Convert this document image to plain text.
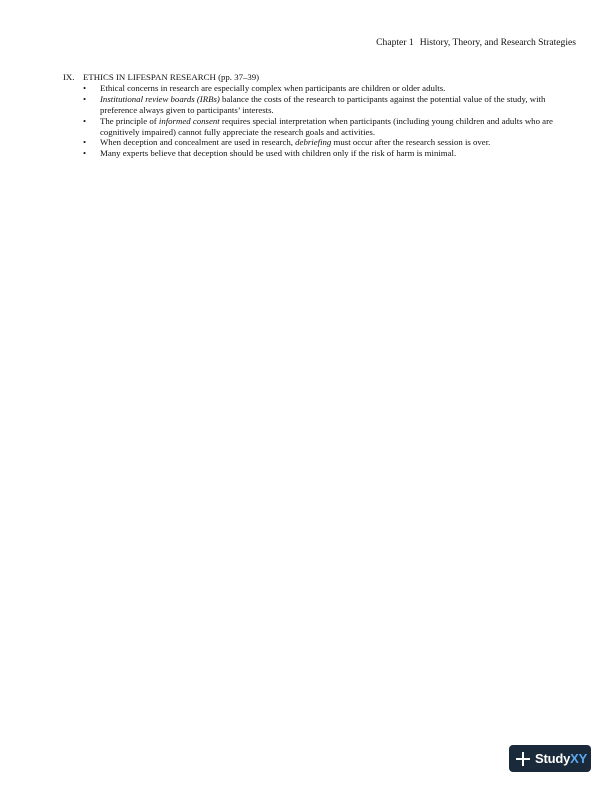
Chapter 1 History, Theory, and Research Strategies

IX. ETHICS IN LIFESPAN RESEARCH (pp. 37–39)

• Ethical concerns in research are especially complex when participants are children or older adults.
• Institutional review boards (IRBs) balance the costs of the research to participants against the potential value of the study, with preference always given to participants’ interests.
• The principle of informed consent requires special interpretation when participants (including young children and adults who are cognitively impaired) cannot fully appreciate the research goals and activities.
• When deception and concealment are used in research, debriefing must occur after the research session is over.
• Many experts believe that deception should be used with children only if the risk of harm is minimal.
StudyXY
